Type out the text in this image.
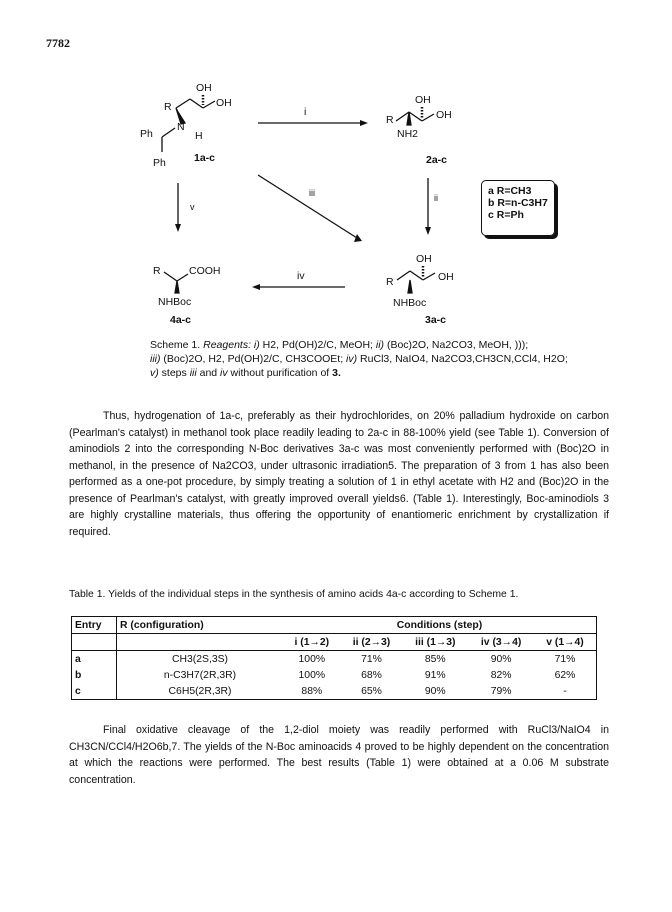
7782
OH
R	OH
N
H
Ph
Ph	1a-c
OH
R	OH
NH2
2a-c
OH
R	OH
NHBoc
3a-c
R	COOH
NHBoc
4a-c
i
ii
iii
iv
v
a R=CH3
b R=n-C3H7
c R=Ph
Scheme 1. Reagents: i) H2, Pd(OH)2/C, MeOH; ii) (Boc)2O, Na2CO3, MeOH, )));
iii) (Boc)2O, H2, Pd(OH)2/C, CH3COOEt; iv) RuCl3, NaIO4, Na2CO3,CH3CN,CCl4, H2O;
v) steps iii and iv without purification of 3.
Thus, hydrogenation of 1a-c, preferably as their hydrochlorides, on 20% palladium hydroxide on carbon (Pearlman's catalyst) in methanol took place readily leading to 2a-c in 88-100% yield (see Table 1). Conversion of aminodiols 2 into the corresponding N-Boc derivatives 3a-c was most conveniently performed with (Boc)2O in methanol, in the presence of Na2CO3, under ultrasonic irradiation5. The preparation of 3 from 1 has also been performed as a one-pot procedure, by simply treating a solution of 1 in ethyl acetate with H2 and (Boc)2O in the presence of Pearlman's catalyst, with greatly improved overall yields6. (Table 1). Interestingly, Boc-aminodiols 3 are highly crystalline materials, thus offering the opportunity of enantiomeric enrichment by crystallization if required.
Table 1. Yields of the individual steps in the synthesis of amino acids 4a-c according to Scheme 1.
Entry	R (configuration)	Conditions (step)				
		i (1→2)	ii (2→3)	iii (1→3)	iv (3→4)	v (1→4)
a	CH3(2S,3S)	100%	71%	85%	90%	71%
b	n-C3H7(2R,3R)	100%	68%	91%	82%	62%
c	C6H5(2R,3R)	88%	65%	90%	79%	-
Final oxidative cleavage of the 1,2-diol moiety was readily performed with RuCl3/NaIO4 in CH3CN/CCl4/H2O6b,7. The yields of the N-Boc aminoacids 4 proved to be highly dependent on the concentration at which the reactions were performed. The best results (Table 1) were obtained at a 0.06 M substrate concentration.
